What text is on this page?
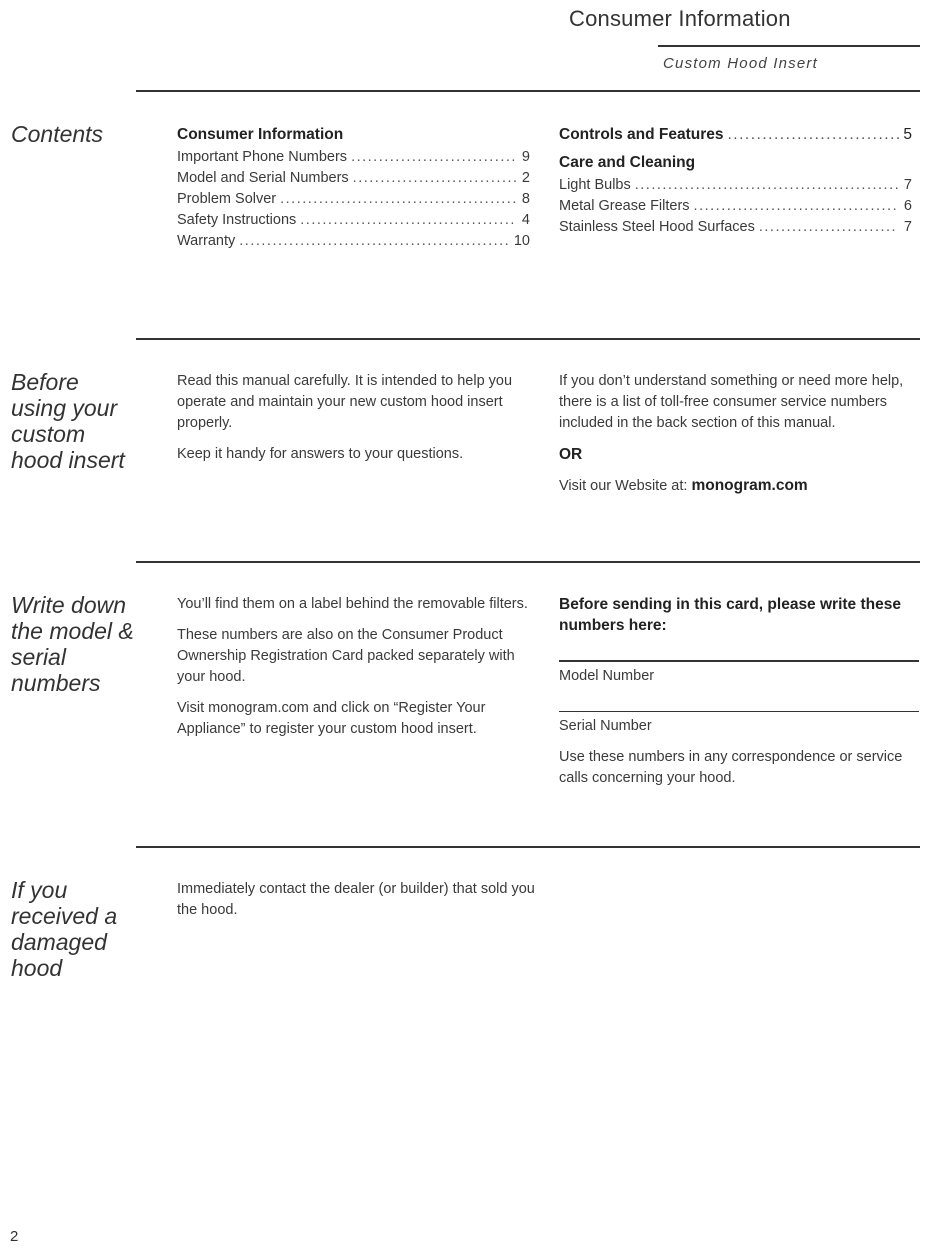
Consumer Information
Custom Hood Insert
Contents	Consumer Information
Important Phone Numbers .....	9
Model and Serial Numbers .....	2
Problem Solver .....	8
Safety Instructions .....	4
Warranty .....	10
Controls and Features .....	5
Care and Cleaning
Light Bulbs .....	7
Metal Grease Filters .....	6
Stainless Steel Hood Surfaces .....	7
Before using your custom hood insert

Read this manual carefully. It is intended to help you operate and maintain your new custom hood insert properly.

Keep it handy for answers to your questions.

If you don’t understand something or need more help, there is a list of toll-free consumer service numbers included in the back section of this manual.

OR

Visit our Website at: monogram.com

Write down the model & serial numbers

You’ll find them on a label behind the removable filters.

These numbers are also on the Consumer Product Ownership Registration Card packed separately with your hood.

Visit monogram.com and click on “Register Your Appliance” to register your custom hood insert.

Before sending in this card, please write these numbers here:
Model Number
Serial Number

Use these numbers in any correspondence or service calls concerning your hood.

If you received a damaged hood

Immediately contact the dealer (or builder) that sold you the hood.

2
